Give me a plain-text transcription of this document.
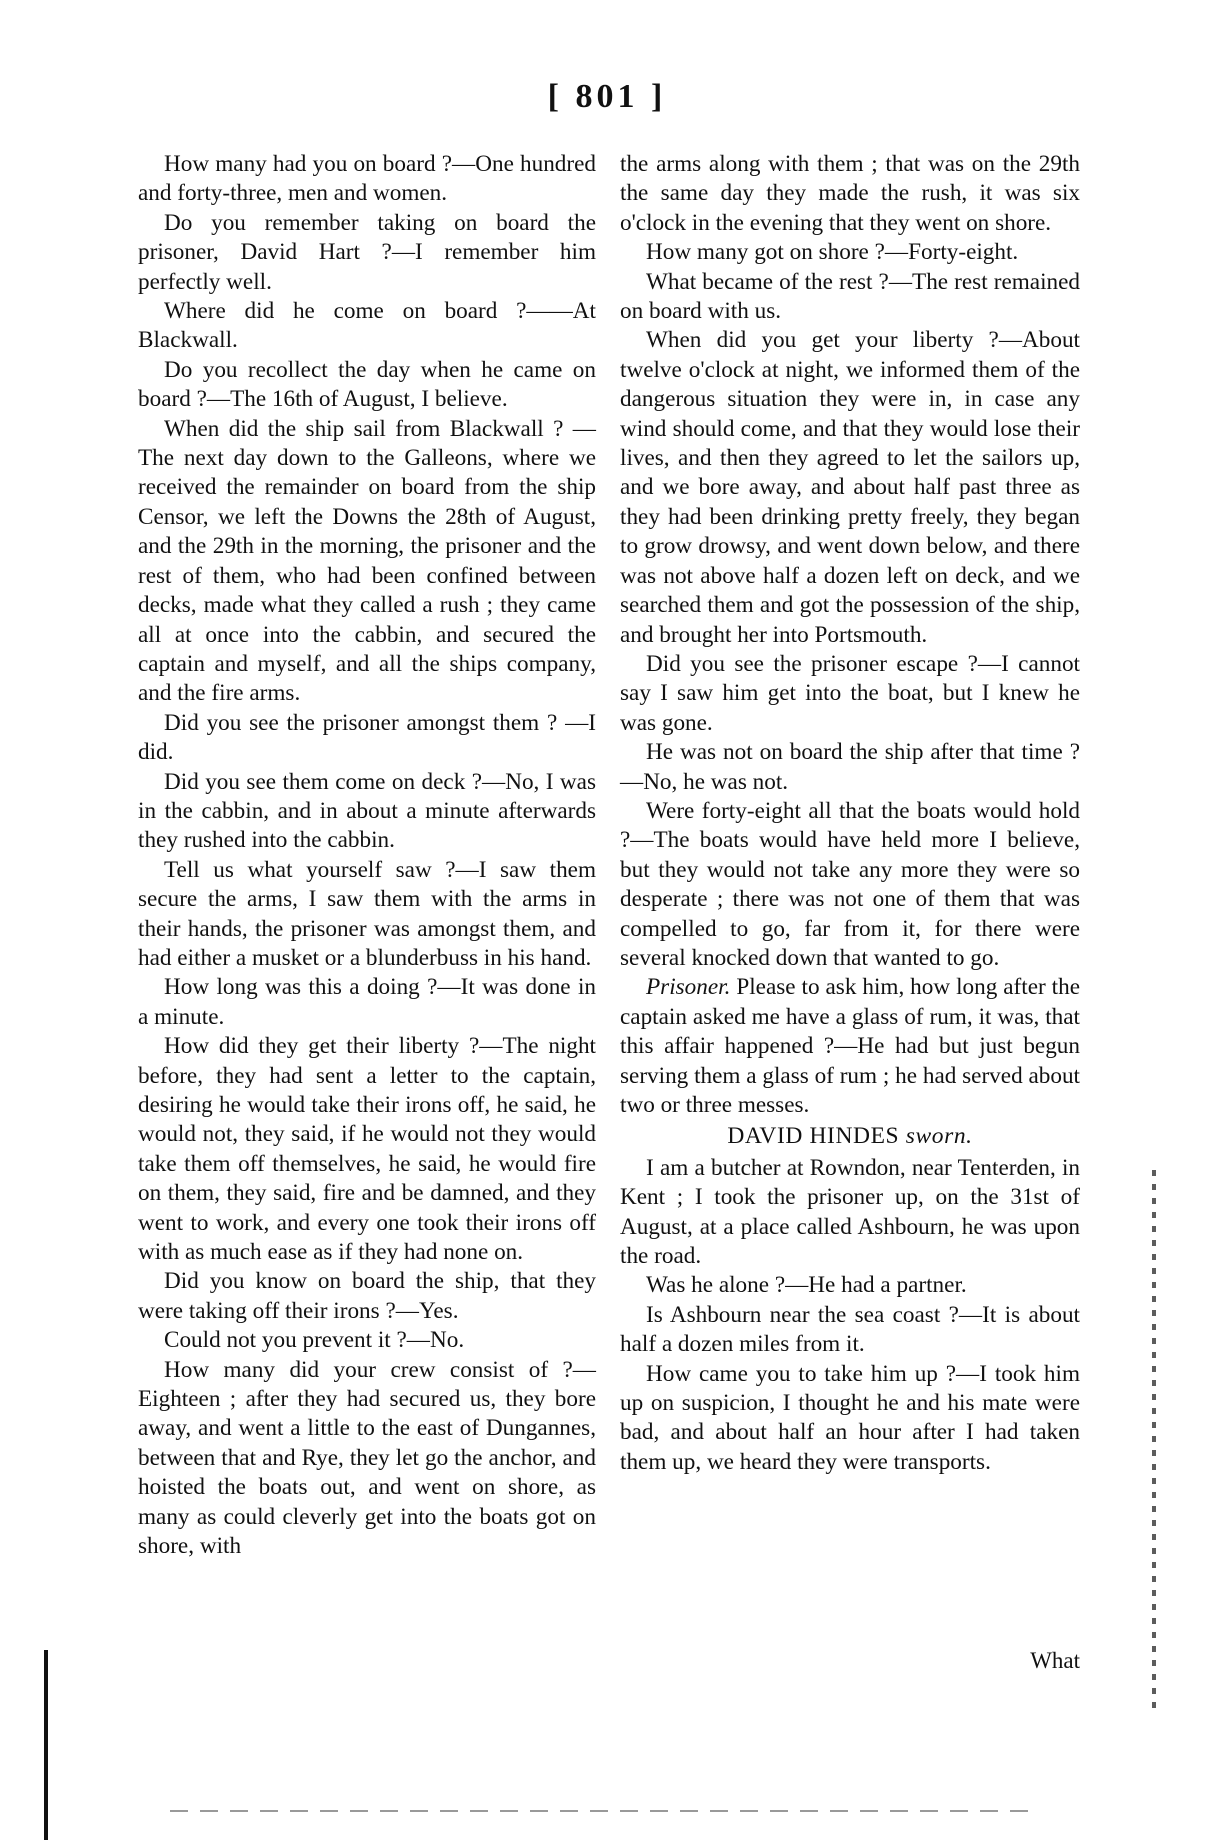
[ 801 ]

How many had you on board ?—One hundred and forty-three, men and women.

Do you remember taking on board the prisoner, David Hart ?—I remember him perfectly well.

Where did he come on board ?——At Blackwall.

Do you recollect the day when he came on board ?—The 16th of August, I believe.

When did the ship sail from Blackwall ? —The next day down to the Galleons, where we received the remainder on board from the ship Censor, we left the Downs the 28th of August, and the 29th in the morning, the prisoner and the rest of them, who had been confined between decks, made what they called a rush ; they came all at once into the cabbin, and secured the captain and myself, and all the ships company, and the fire arms.

Did you see the prisoner amongst them ? —I did.

Did you see them come on deck ?—No, I was in the cabbin, and in about a minute afterwards they rushed into the cabbin.

Tell us what yourself saw ?—I saw them secure the arms, I saw them with the arms in their hands, the prisoner was amongst them, and had either a musket or a blunderbuss in his hand.

How long was this a doing ?—It was done in a minute.

How did they get their liberty ?—The night before, they had sent a letter to the captain, desiring he would take their irons off, he said, he would not, they said, if he would not they would take them off themselves, he said, he would fire on them, they said, fire and be damned, and they went to work, and every one took their irons off with as much ease as if they had none on.

Did you know on board the ship, that they were taking off their irons ?—Yes.

Could not you prevent it ?—No.

How many did your crew consist of ?—Eighteen ; after they had secured us, they bore away, and went a little to the east of Dungannes, between that and Rye, they let go the anchor, and hoisted the boats out, and went on shore, as many as could cleverly get into the boats got on shore, with

the arms along with them ; that was on the 29th the same day they made the rush, it was six o'clock in the evening that they went on shore.

How many got on shore ?—Forty-eight.

What became of the rest ?—The rest remained on board with us.

When did you get your liberty ?—About twelve o'clock at night, we informed them of the dangerous situation they were in, in case any wind should come, and that they would lose their lives, and then they agreed to let the sailors up, and we bore away, and about half past three as they had been drinking pretty freely, they began to grow drowsy, and went down below, and there was not above half a dozen left on deck, and we searched them and got the possession of the ship, and brought her into Portsmouth.

Did you see the prisoner escape ?—I cannot say I saw him get into the boat, but I knew he was gone.

He was not on board the ship after that time ?—No, he was not.

Were forty-eight all that the boats would hold ?—The boats would have held more I believe, but they would not take any more they were so desperate ; there was not one of them that was compelled to go, far from it, for there were several knocked down that wanted to go.

Prisoner. Please to ask him, how long after the captain asked me have a glass of rum, it was, that this affair happened ?—He had but just begun serving them a glass of rum ; he had served about two or three messes.

DAVID HINDES sworn.

I am a butcher at Rowndon, near Tenterden, in Kent ; I took the prisoner up, on the 31st of August, at a place called Ashbourn, he was upon the road.

Was he alone ?—He had a partner.

Is Ashbourn near the sea coast ?—It is about half a dozen miles from it.

How came you to take him up ?—I took him up on suspicion, I thought he and his mate were bad, and about half an hour after I had taken them up, we heard they were transports.

What
